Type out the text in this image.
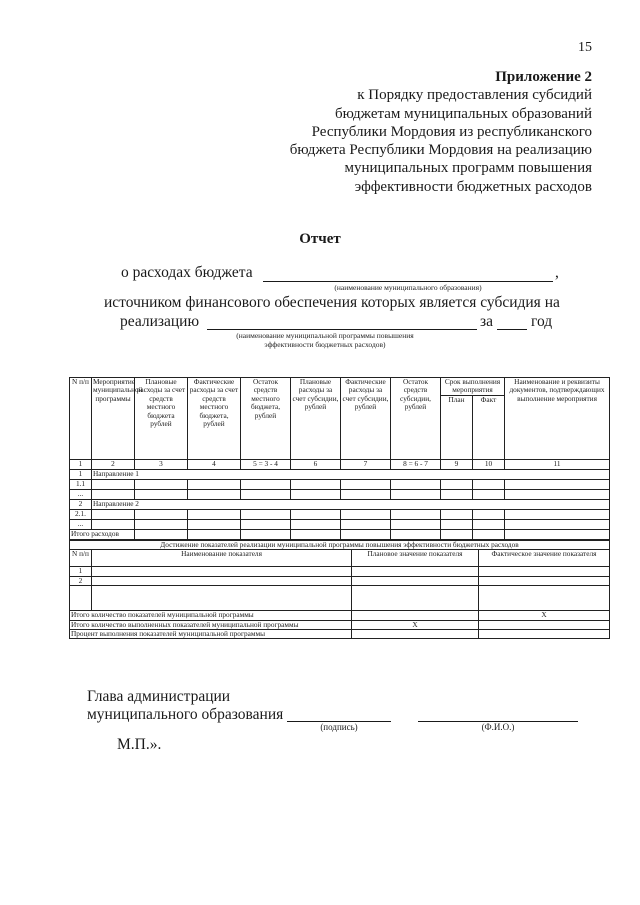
15
Приложение 2
к Порядку предоставления субсидий
бюджетам муниципальных образований
Республики Мордовия из республиканского
бюджета Республики Мордовия на реализацию
муниципальных программ повышения
эффективности бюджетных расходов
Отчет
о расходах бюджета	,
(наименование муниципального образования)
источником финансового обеспечения которых является субсидия на
реализацию	за год
(наименование муниципальной программы повышения эффективности бюджетных расходов)
N п/п	Мероприятие муниципальной программы	Плановые расходы за счет средств местного бюджета рублей	Фактические расходы за счет средств местного бюджета, рублей	Остаток средств местного бюджета, рублей	Плановые расходы за счет субсидии, рублей	Фактические расходы за счет субсидии, рублей	Остаток средств субсидии, рублей	Срок выполнения мероприятия		Наименование и реквизиты документов, подтверждающих выполнение мероприятия
								План	Факт	
1	2	3	4	5 = 3 - 4	6	7	8 = 6 - 7	9	10	11
1	Направление 1									
1.1										
...										
2	Направление 2									
2.1.										
...										
Итого расходов										
Достижение показателей реализации муниципальной программы повышения эффективности бюджетных расходов			
N п/п	Наименование показателя	Плановое значение показателя	Фактическое значение показателя
1			
2			

Итого количество показателей муниципальной программы			X
Итого количество выполненных показателей муниципальной программы		X	
Процент выполнения показателей муниципальной программы			
Глава администрации
муниципального образования
(подпись)	(Ф.И.О.)
М.П.».
